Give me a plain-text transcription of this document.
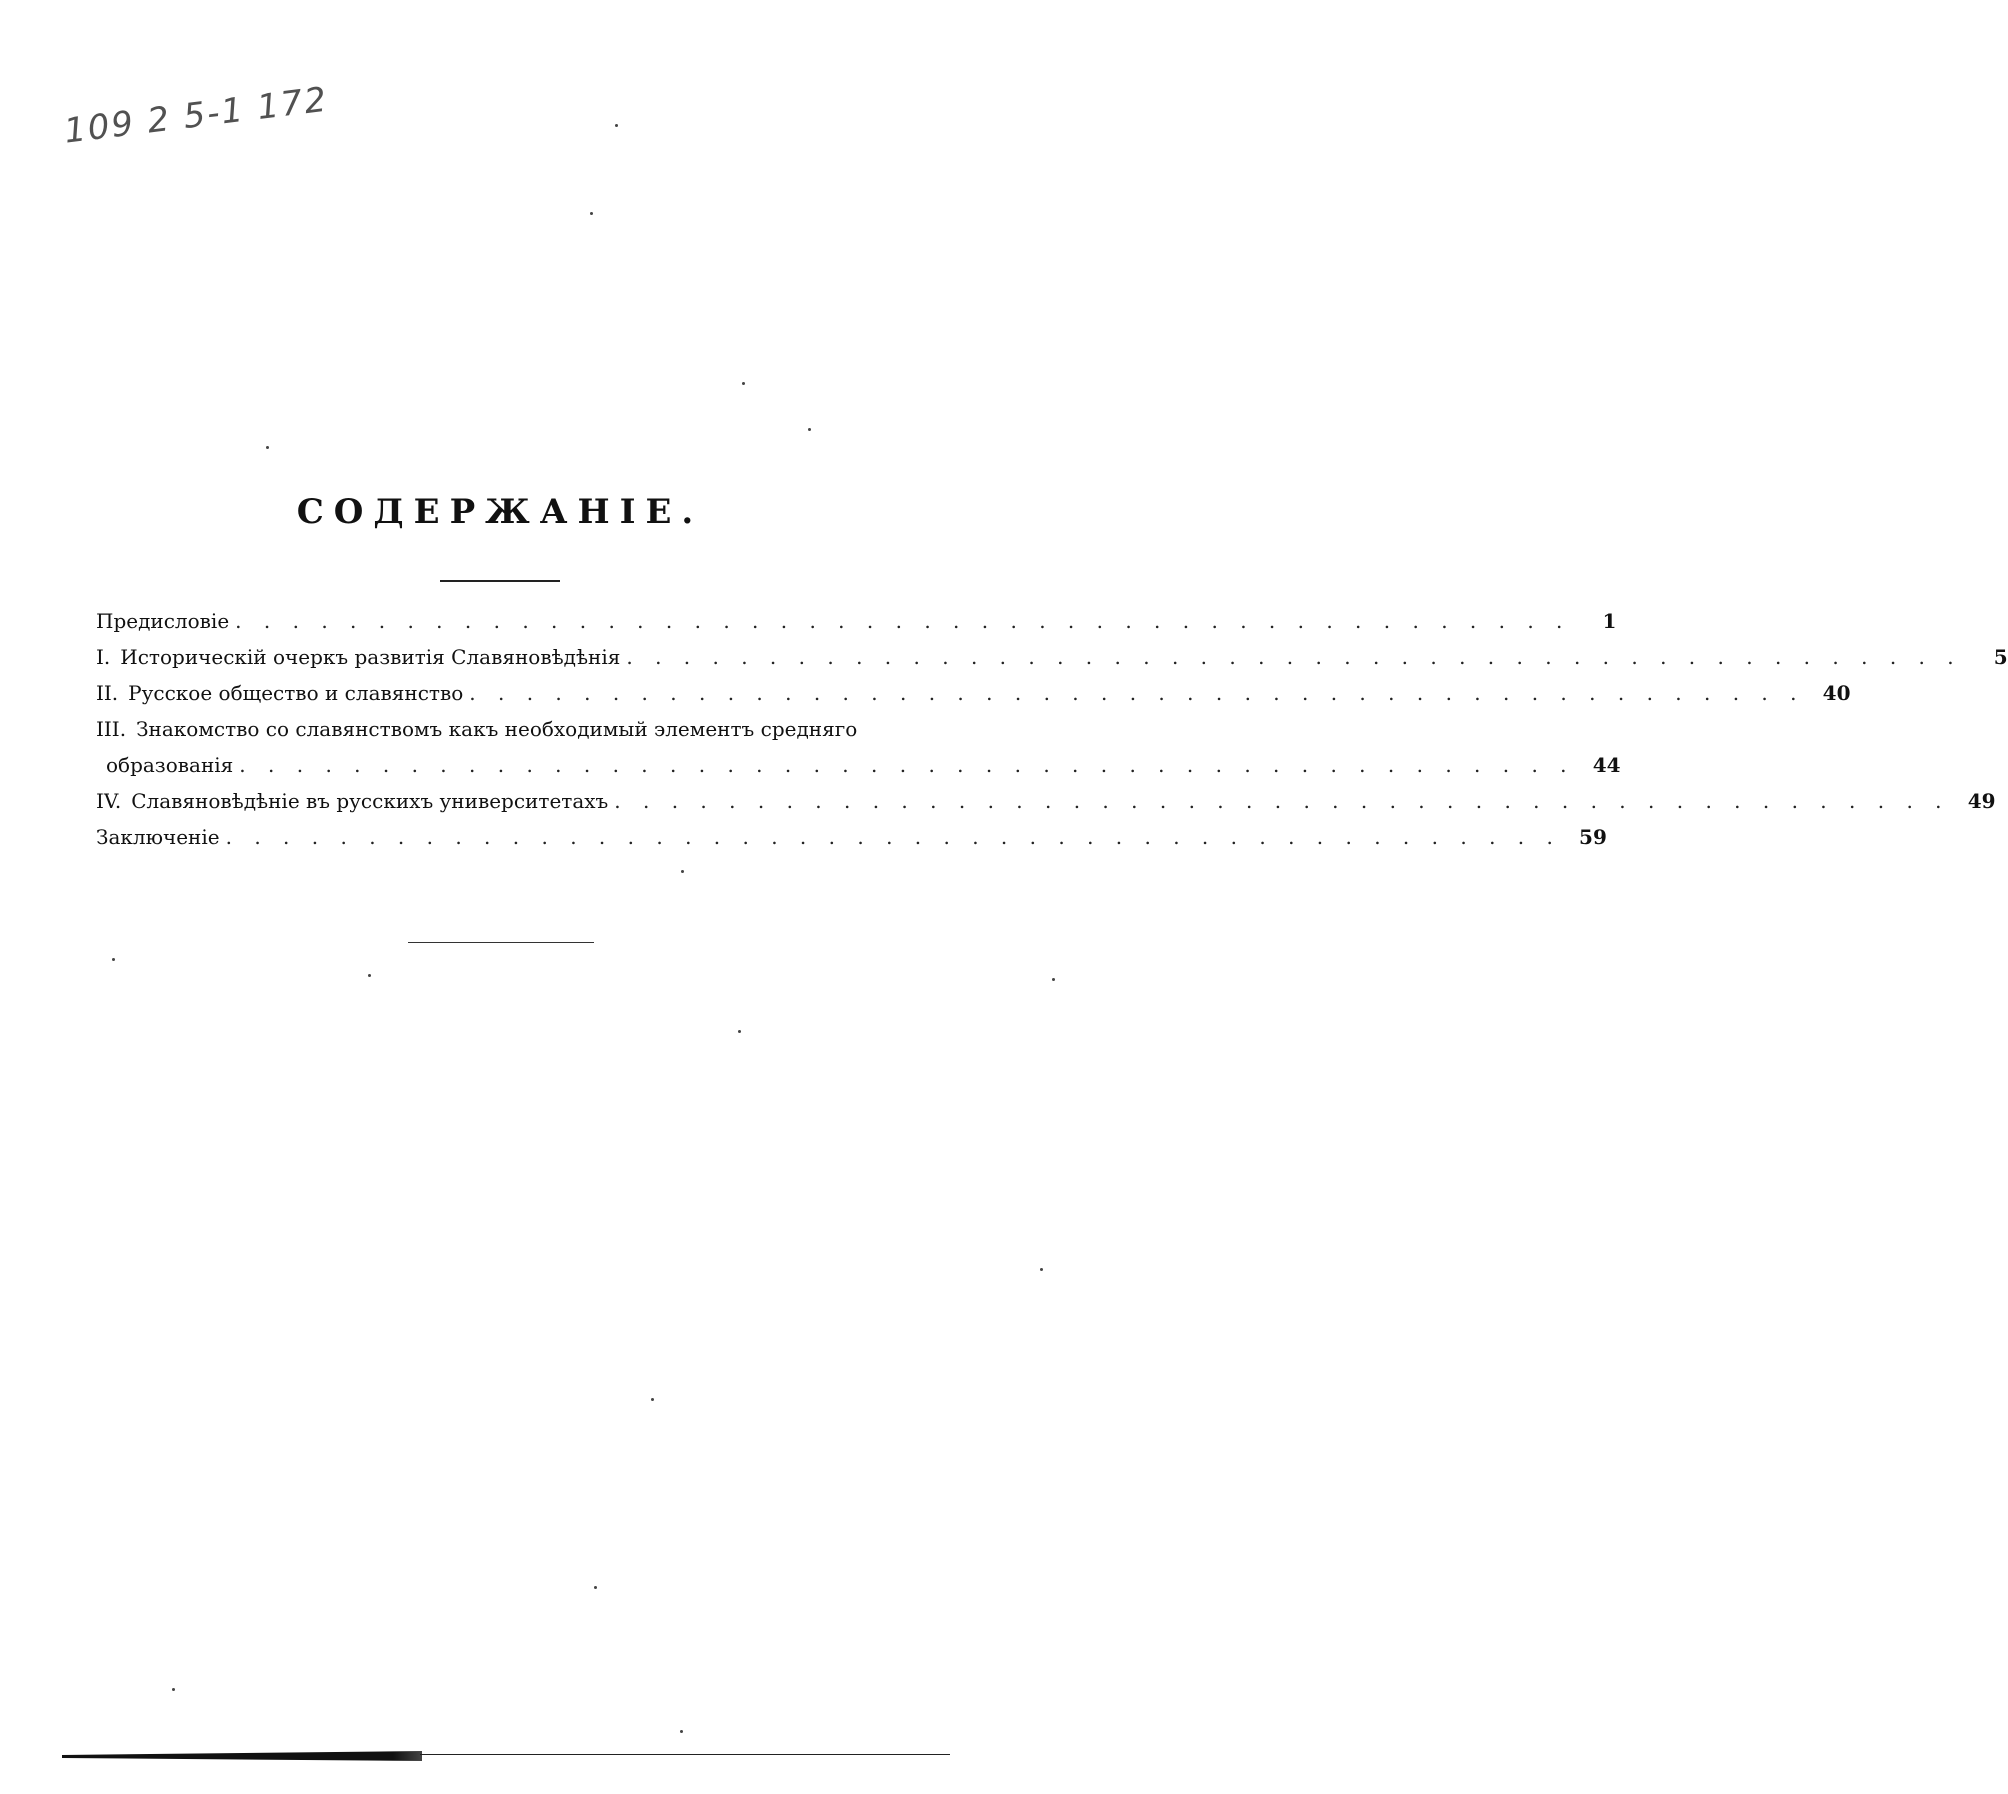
109 2 5-1 172
СОДЕРЖАНІЕ.
Предисловіе . . . . . . . . . . . . . . . . . . . . . . . . . . . . . . . . . . . . . . . . . . . . . . .	1
I. Историческій очеркъ развитія Славяновѣдѣнія . . . . . . . . . . . . . . . . . . . . . . . . . . . . . . . . . . . . . . . . . . . . . . .	5
II. Русское общество и славянство . . . . . . . . . . . . . . . . . . . . . . . . . . . . . . . . . . . . . . . . . . . . . . . 40
III. Знакомство со славянствомъ какъ необходимый элементъ средняго
образованія . . . . . . . . . . . . . . . . . . . . . . . . . . . . . . . . . . . . . . . . . . . . . . . 44
IV. Славяновѣдѣніе въ русскихъ университетахъ . . . . . . . . . . . . . . . . . . . . . . . . . . . . . . . . . . . . . . . . . . . . . . . 49
Заключеніе . . . . . . . . . . . . . . . . . . . . . . . . . . . . . . . . . . . . . . . . . . . . . . . 59
